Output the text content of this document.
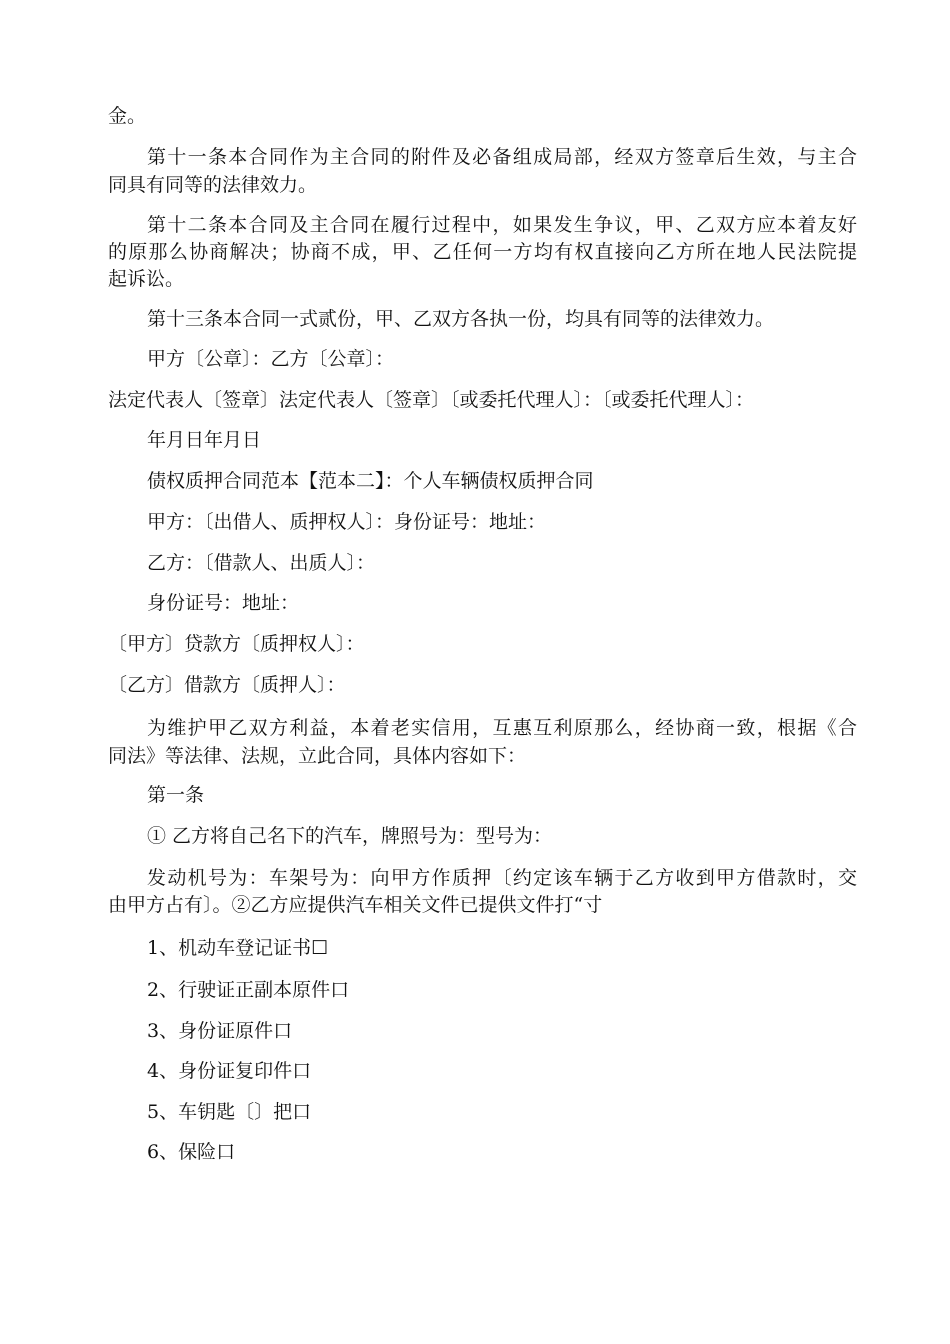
金。

第十一条本合同作为主合同的附件及必备组成局部，经双方签章后生效，与主合

同具有同等的法律效力。

第十二条本合同及主合同在履行过程中，如果发生争议，甲、乙双方应本着友好

的原那么协商解决；协商不成，甲、乙任何一方均有权直接向乙方所在地人民法院提

起诉讼。

第十三条本合同一式贰份，甲、乙双方各执一份，均具有同等的法律效力。

甲方〔公章〕：乙方〔公章〕：

法定代表人〔签章〕法定代表人〔签章〕〔或委托代理人〕：〔或委托代理人〕：

年月日年月日

债权质押合同范本【范本二】：个人车辆债权质押合同

甲方：〔出借人、质押权人〕：身份证号：地址：

乙方：〔借款人、出质人〕：

身份证号：地址：

〔甲方〕贷款方〔质押权人〕：

〔乙方〕借款方〔质押人〕：

为维护甲乙双方利益，本着老实信用，互惠互利原那么，经协商一致，根据《合

同法》等法律、法规，立此合同，具体内容如下：

第一条

① 乙方将自己名下的汽车，牌照号为：型号为：

发动机号为：车架号为：向甲方作质押〔约定该车辆于乙方收到甲方借款时，交

由甲方占有〕。②乙方应提供汽车相关文件已提供文件打“寸

1、机动车登记证书☐

2、行驶证正副本原件口

3、身份证原件口

4、身份证复印件口

5、车钥匙〔〕把口

6、保险口
